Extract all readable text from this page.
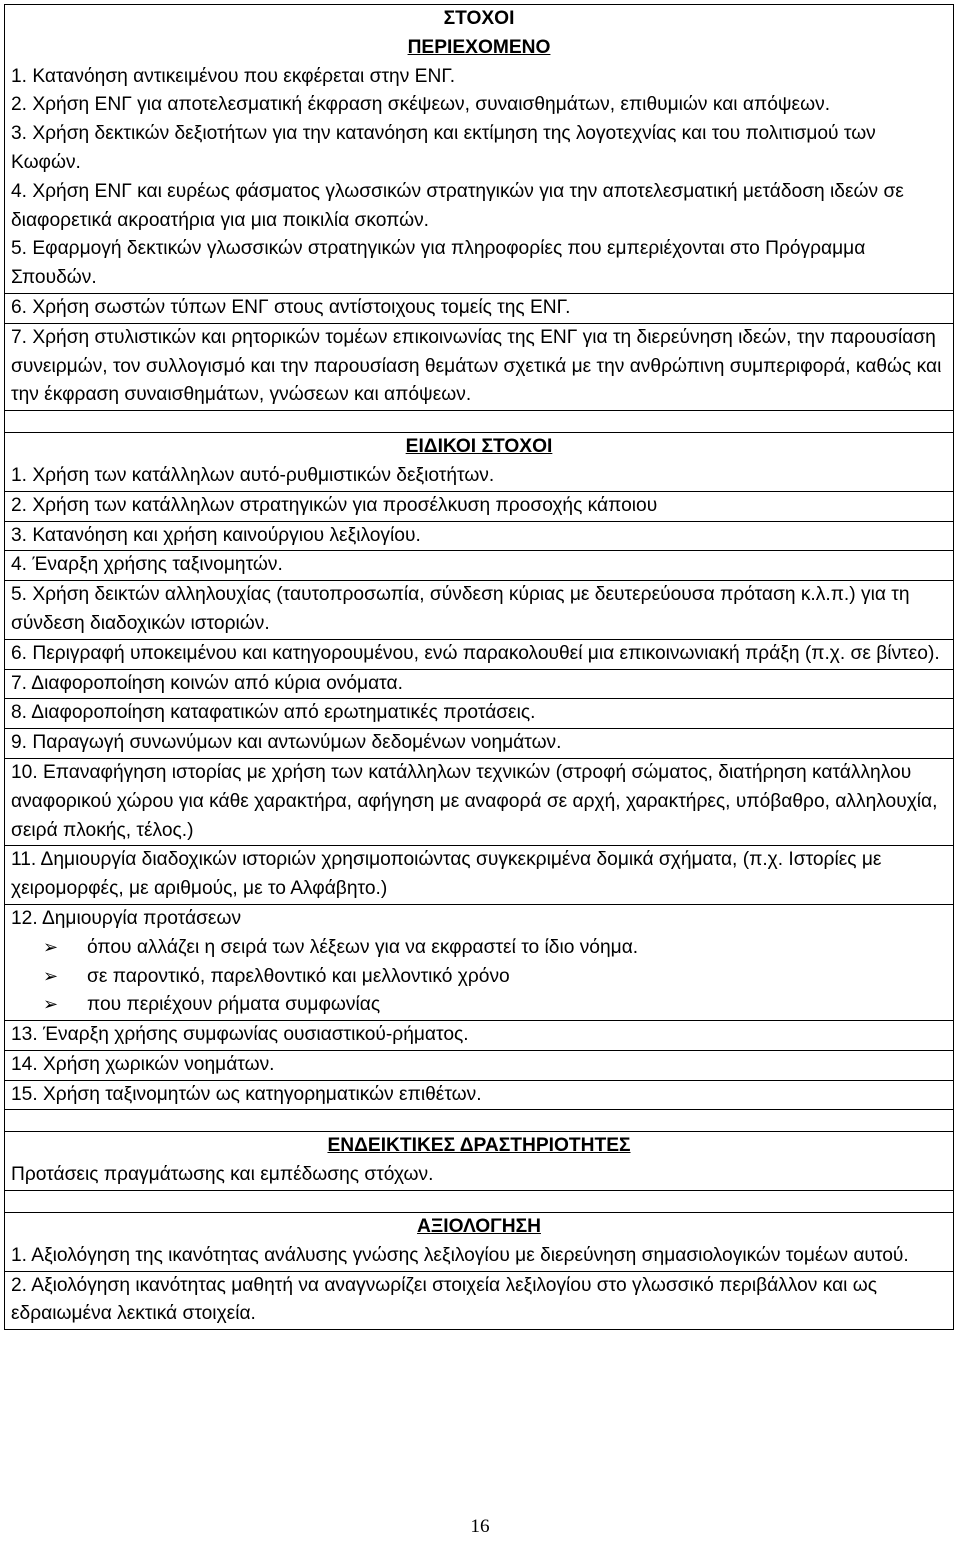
ΣΤΟΧΟΙ
ΠΕΡΙΕΧΟΜΕΝΟ
1. Κατανόηση αντικειμένου που εκφέρεται στην ΕΝΓ.
2. Χρήση ΕΝΓ για αποτελεσματική έκφραση σκέψεων, συναισθημάτων, επιθυμιών και απόψεων.
3. Χρήση δεκτικών δεξιοτήτων για την κατανόηση και εκτίμηση της λογοτεχνίας και του πολιτισμού των Κωφών.
4. Χρήση ΕΝΓ και ευρέως φάσματος γλωσσικών στρατηγικών για την αποτελεσματική μετάδοση ιδεών σε διαφορετικά ακροατήρια για μια ποικιλία σκοπών.
5. Εφαρμογή δεκτικών γλωσσικών στρατηγικών για πληροφορίες που εμπεριέχονται στο Πρόγραμμα Σπουδών.

6. Χρήση σωστών τύπων ΕΝΓ στους αντίστοιχους τομείς της ΕΝΓ.

7. Χρήση στυλιστικών και ρητορικών τομέων επικοινωνίας της ΕΝΓ για τη διερεύνηση ιδεών, την παρουσίαση συνειρμών, τον συλλογισμό και την παρουσίαση θεμάτων σχετικά με την ανθρώπινη συμπεριφορά, καθώς και την έκφραση συναισθημάτων, γνώσεων και απόψεων.

ΕΙΔΙΚΟΙ ΣΤΟΧΟΙ
1. Χρήση των κατάλληλων αυτό-ρυθμιστικών δεξιοτήτων.

2. Χρήση των κατάλληλων στρατηγικών για προσέλκυση προσοχής κάποιου

3. Κατανόηση και χρήση καινούργιου λεξιλογίου.

4. Έναρξη χρήσης ταξινομητών.

5. Χρήση δεικτών αλληλουχίας (ταυτοπροσωπία, σύνδεση κύριας με δευτερεύουσα πρόταση κ.λ.π.) για τη σύνδεση διαδοχικών ιστοριών.

6. Περιγραφή υποκειμένου και κατηγορουμένου, ενώ παρακολουθεί μια επικοινωνιακή πράξη (π.χ. σε βίντεο).

7. Διαφοροποίηση κοινών από κύρια ονόματα.

8. Διαφοροποίηση καταφατικών από ερωτηματικές προτάσεις.

9. Παραγωγή συνωνύμων και αντωνύμων δεδομένων νοημάτων.

10. Επαναφήγηση ιστορίας με χρήση των κατάλληλων τεχνικών (στροφή σώματος, διατήρηση κατάλληλου αναφορικού χώρου για κάθε χαρακτήρα, αφήγηση με αναφορά σε αρχή, χαρακτήρες, υπόβαθρο, αλληλουχία, σειρά πλοκής, τέλος.)

11. Δημιουργία διαδοχικών ιστοριών χρησιμοποιώντας συγκεκριμένα δομικά σχήματα, (π.χ. Ιστορίες με χειρομορφές, με αριθμούς, με το Αλφάβητο.)

12. Δημιουργία προτάσεων
➢	όπου αλλάζει η σειρά των λέξεων για να εκφραστεί το ίδιο νόημα.
➢	σε παροντικό, παρελθοντικό και μελλοντικό χρόνο
➢	που περιέχουν ρήματα συμφωνίας

13. Έναρξη χρήσης συμφωνίας ουσιαστικού-ρήματος.

14. Χρήση χωρικών νοημάτων.

15. Χρήση ταξινομητών ως κατηγορηματικών επιθέτων.

ΕΝΔΕΙΚΤΙΚΕΣ ΔΡΑΣΤΗΡΙΟΤΗΤΕΣ
Προτάσεις πραγμάτωσης και εμπέδωσης στόχων.

ΑΞΙΟΛΟΓΗΣΗ
1. Αξιολόγηση της ικανότητας ανάλυσης γνώσης λεξιλογίου με διερεύνηση σημασιολογικών τομέων αυτού.

2. Αξιολόγηση ικανότητας μαθητή να αναγνωρίζει στοιχεία λεξιλογίου στο γλωσσικό περιβάλλον και ως εδραιωμένα λεκτικά στοιχεία.
16
